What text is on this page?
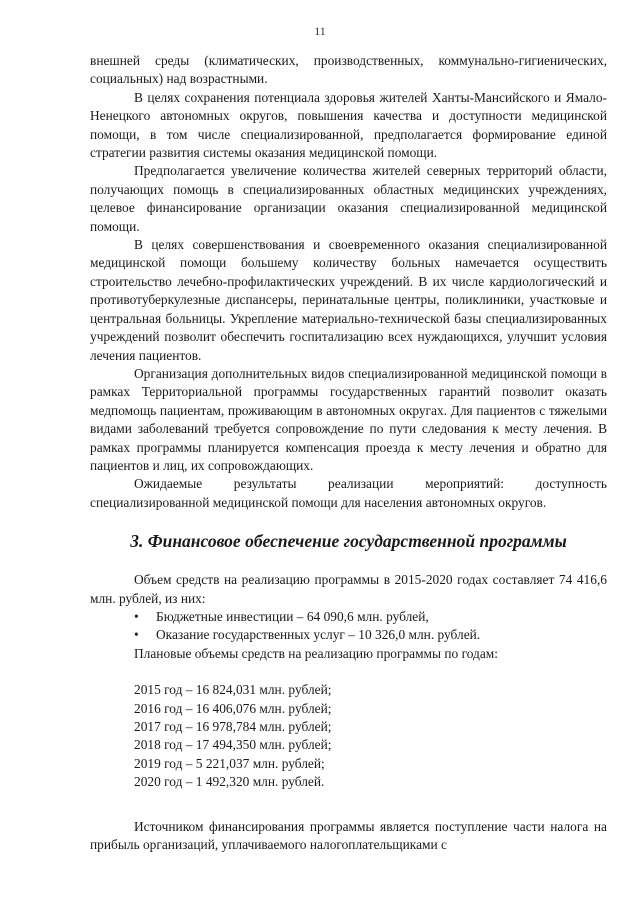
11

внешней среды (климатических, производственных, коммунально-гигиенических, социальных) над возрастными.

В целях сохранения потенциала здоровья жителей Ханты-Мансийского и Ямало-Ненецкого автономных округов, повышения качества и доступности медицинской помощи, в том числе специализированной, предполагается формирование единой стратегии развития системы оказания медицинской помощи.

Предполагается увеличение количества жителей северных территорий области, получающих помощь в специализированных областных медицинских учреждениях, целевое финансирование организации оказания специализированной медицинской помощи.

В целях совершенствования и своевременного оказания специализированной медицинской помощи большему количеству больных намечается осуществить строительство лечебно-профилактических учреждений. В их числе кардиологический и противотуберкулезные диспансеры, перинатальные центры, поликлиники, участковые и центральная больницы. Укрепление материально-технической базы специализированных учреждений позволит обеспечить госпитализацию всех нуждающихся, улучшит условия лечения пациентов.

Организация дополнительных видов специализированной медицинской помощи в рамках Территориальной программы государственных гарантий позволит оказать медпомощь пациентам, проживающим в автономных округах. Для пациентов с тяжелыми видами заболеваний требуется сопровождение по пути следования к месту лечения. В рамках программы планируется компенсация проезда к месту лечения и обратно для пациентов и лиц, их сопровождающих.

Ожидаемые результаты реализации мероприятий: доступность специализированной медицинской помощи для населения автономных округов.

3. Финансовое обеспечение государственной программы

Объем средств на реализацию программы в 2015-2020 годах составляет 74 416,6 млн. рублей, из них:

• Бюджетные инвестиции – 64 090,6 млн. рублей,
• Оказание государственных услуг – 10 326,0 млн. рублей.

Плановые объемы средств на реализацию программы по годам:

2015 год – 16 824,031 млн. рублей;
2016 год – 16 406,076 млн. рублей;
2017 год – 16 978,784 млн. рублей;
2018 год – 17 494,350 млн. рублей;
2019 год – 5 221,037 млн. рублей;
2020 год – 1 492,320 млн. рублей.

Источником финансирования программы является поступление части налога на прибыль организаций, уплачиваемого налогоплательщиками с
